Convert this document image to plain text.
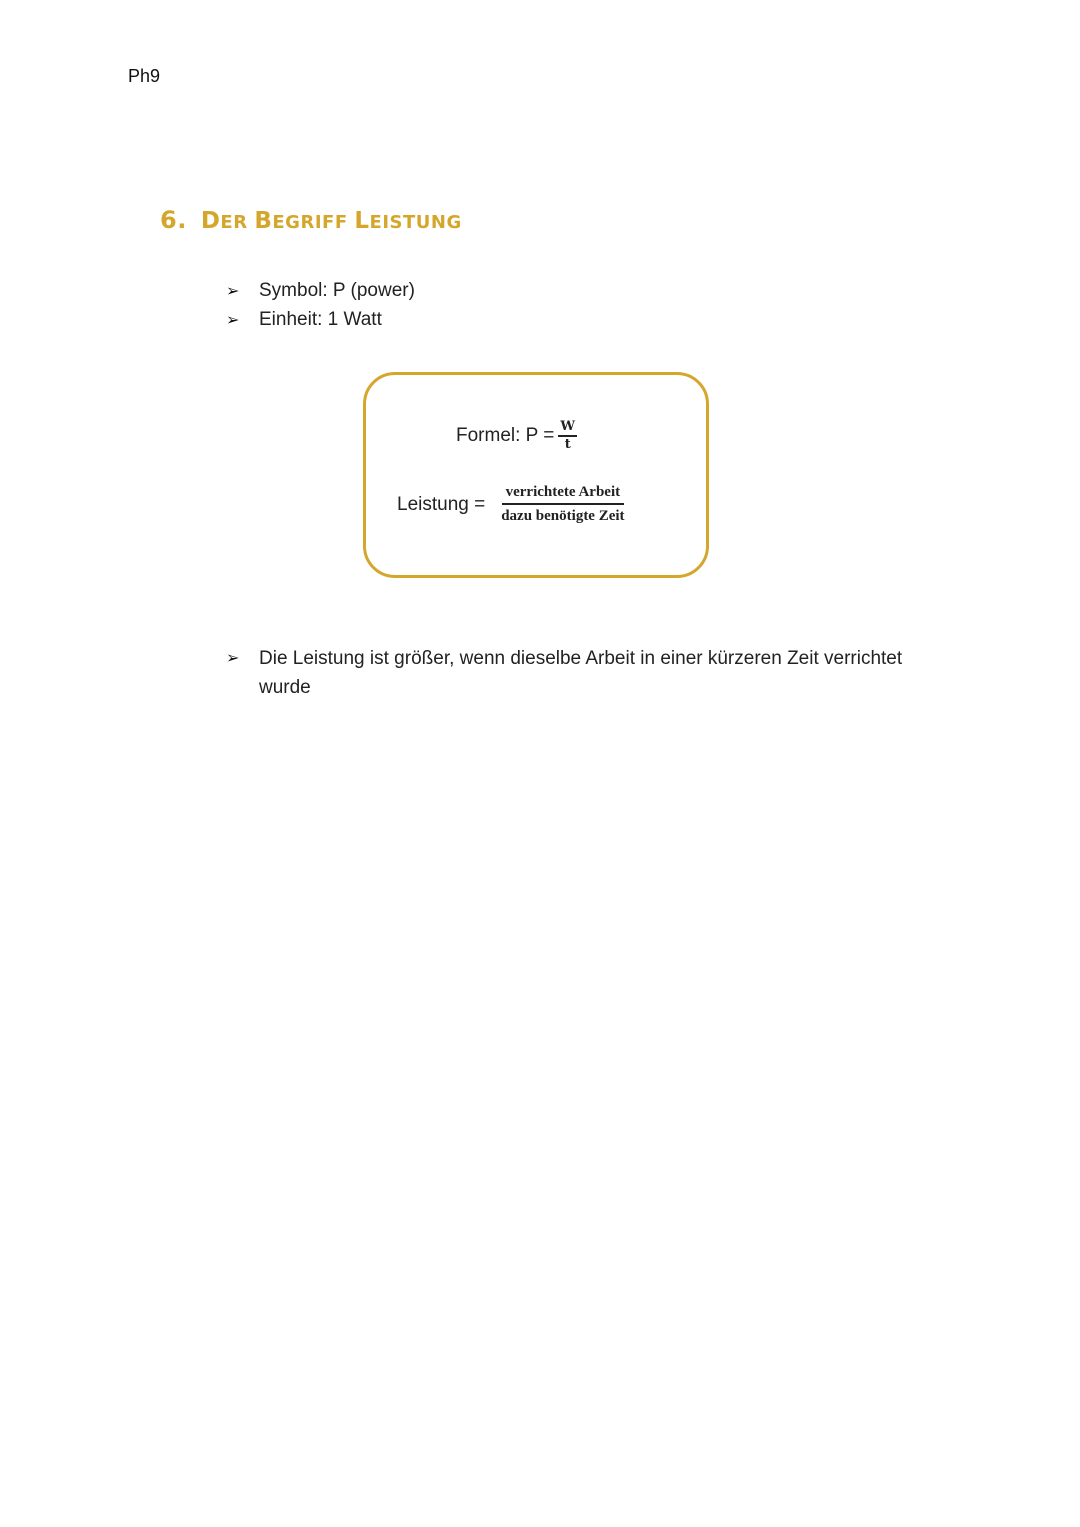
Ph9
6. DER BEGRIFF LEISTUNG
➢	Symbol: P (power)
➢	Einheit: 1 Watt
Formel: $P = \frac{W}{t}$
Leistung = $\frac{\text{verrichtete Arbeit}}{\text{dazu benötigte Zeit}}$
➢	Die Leistung ist größer, wenn dieselbe Arbeit in einer kürzeren Zeit verrichtet wurde
